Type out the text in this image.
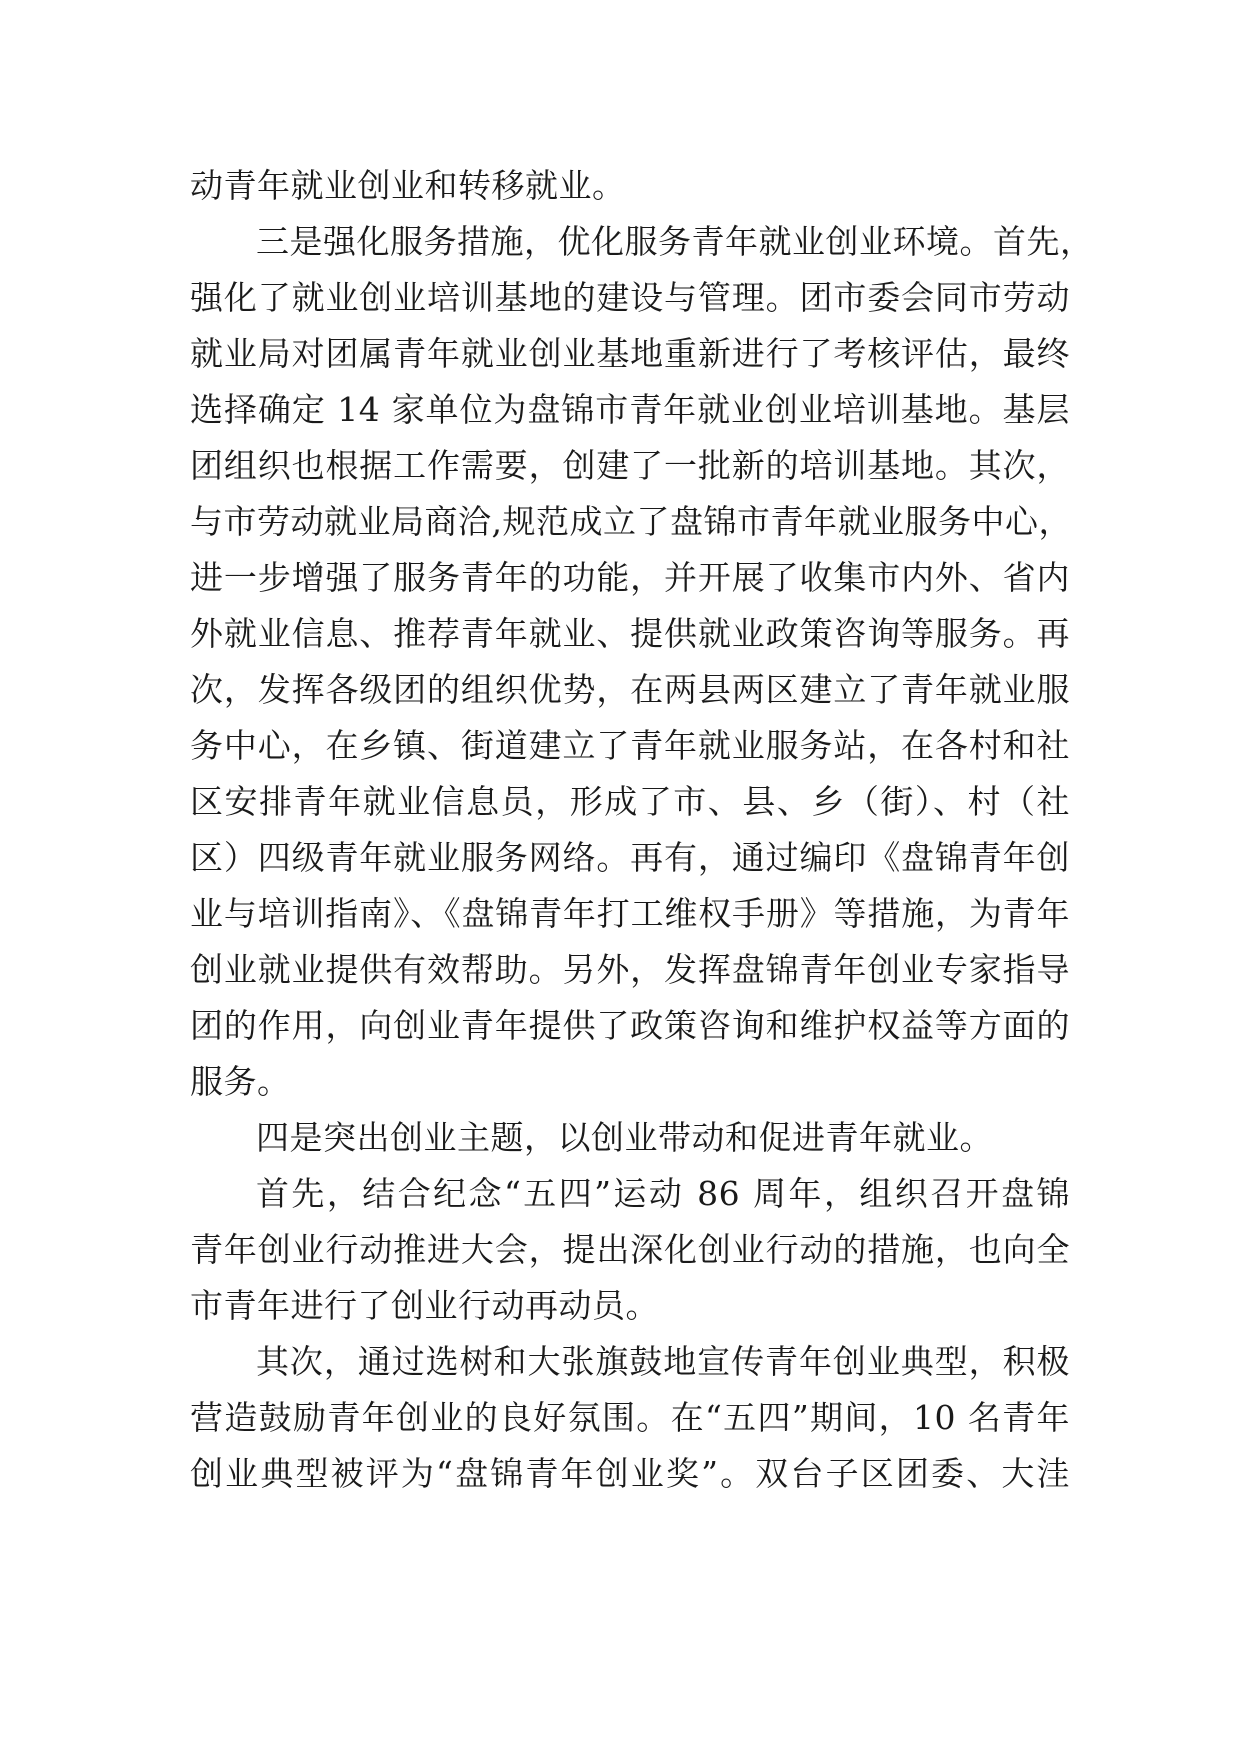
动青年就业创业和转移就业。
三是强化服务措施，优化服务青年就业创业环境。首先，
强化了就业创业培训基地的建设与管理。团市委会同市劳动
就业局对团属青年就业创业基地重新进行了考核评估，最终
选择确定 14 家单位为盘锦市青年就业创业培训基地。基层
团组织也根据工作需要，创建了一批新的培训基地。其次，
与市劳动就业局商洽,规范成立了盘锦市青年就业服务中心，
进一步增强了服务青年的功能，并开展了收集市内外、省内
外就业信息、推荐青年就业、提供就业政策咨询等服务。再
次，发挥各级团的组织优势，在两县两区建立了青年就业服
务中心，在乡镇、街道建立了青年就业服务站，在各村和社
区安排青年就业信息员，形成了市、县、乡（街）、村（社
区）四级青年就业服务网络。再有，通过编印《盘锦青年创
业与培训指南》、《盘锦青年打工维权手册》等措施，为青年
创业就业提供有效帮助。另外，发挥盘锦青年创业专家指导
团的作用，向创业青年提供了政策咨询和维护权益等方面的
服务。
四是突出创业主题，以创业带动和促进青年就业。
首先，结合纪念“五四”运动 86 周年，组织召开盘锦
青年创业行动推进大会，提出深化创业行动的措施，也向全
市青年进行了创业行动再动员。
其次，通过选树和大张旗鼓地宣传青年创业典型，积极
营造鼓励青年创业的良好氛围。在“五四”期间，10 名青年
创业典型被评为“盘锦青年创业奖”。双台子区团委、大洼
